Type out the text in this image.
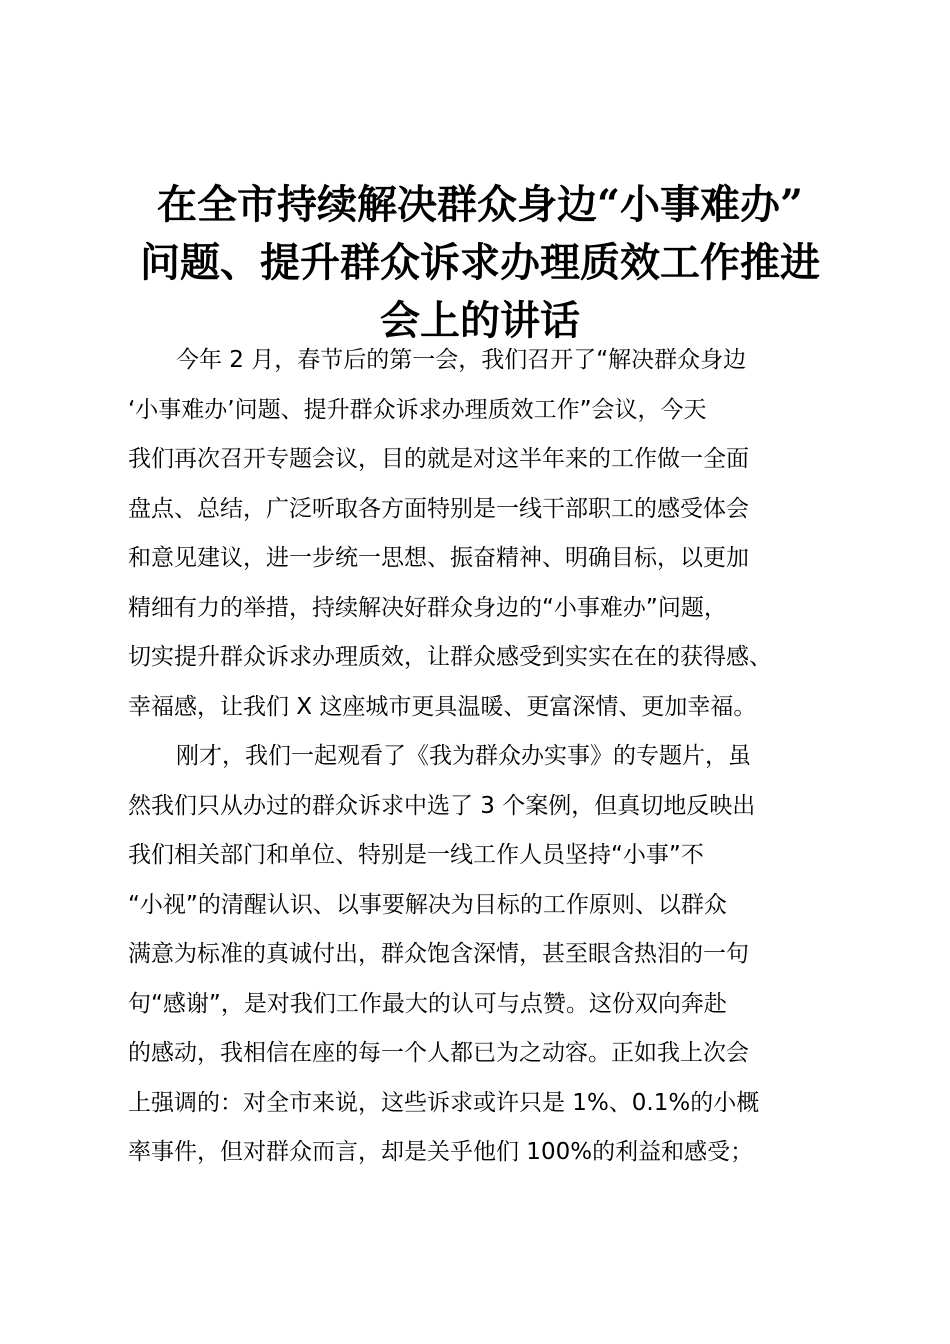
在全市持续解决群众身边“小事难办”
问题、提升群众诉求办理质效工作推进
会上的讲话
今年 2 月，春节后的第一会，我们召开了“解决群众身边
‘小事难办’问题、提升群众诉求办理质效工作”会议，今天
我们再次召开专题会议，目的就是对这半年来的工作做一全面
盘点、总结，广泛听取各方面特别是一线干部职工的感受体会
和意见建议，进一步统一思想、振奋精神、明确目标，以更加
精细有力的举措，持续解决好群众身边的“小事难办”问题，
切实提升群众诉求办理质效，让群众感受到实实在在的获得感、
幸福感，让我们 X 这座城市更具温暖、更富深情、更加幸福。
刚才，我们一起观看了《我为群众办实事》的专题片，虽
然我们只从办过的群众诉求中选了 3 个案例，但真切地反映出
我们相关部门和单位、特别是一线工作人员坚持“小事”不
“小视”的清醒认识、以事要解决为目标的工作原则、以群众
满意为标准的真诚付出，群众饱含深情，甚至眼含热泪的一句
句“感谢”，是对我们工作最大的认可与点赞。这份双向奔赴
的感动，我相信在座的每一个人都已为之动容。正如我上次会
上强调的：对全市来说，这些诉求或许只是 1%、0.1%的小概
率事件，但对群众而言，却是关乎他们 100%的利益和感受；
